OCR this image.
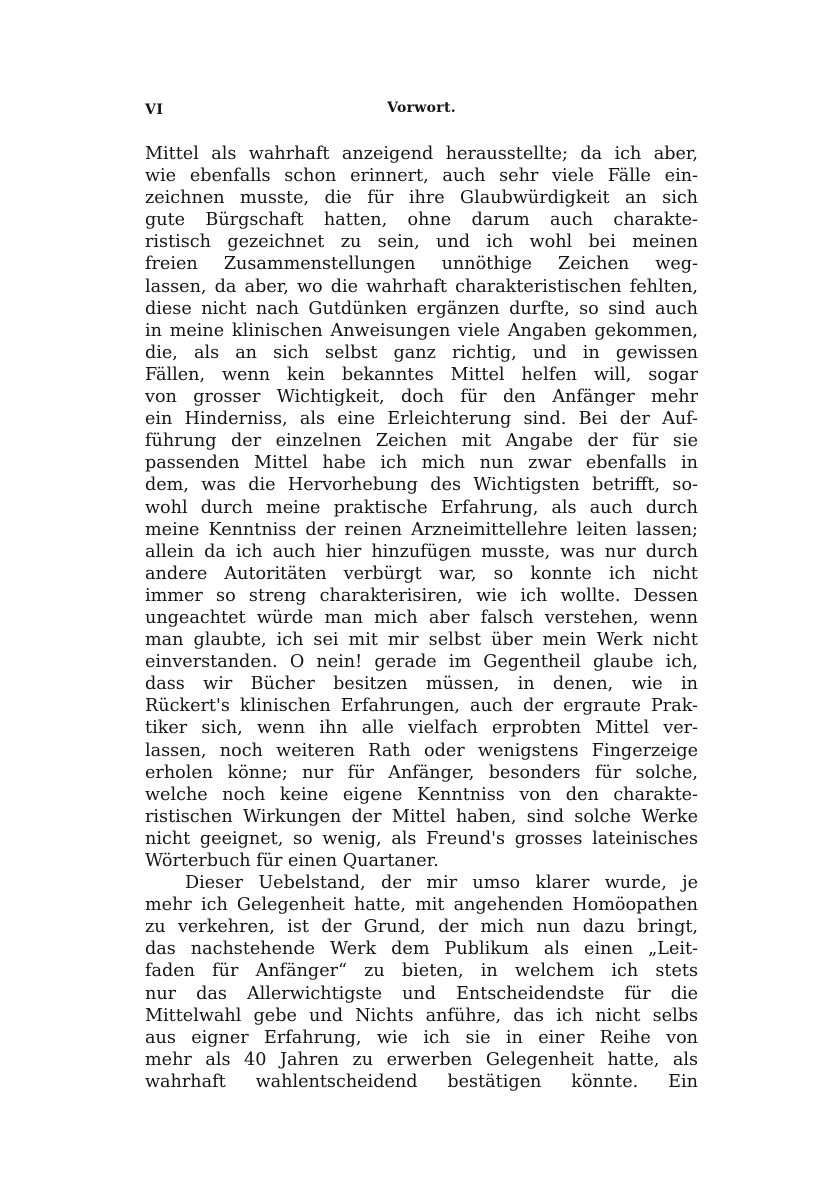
VI	Vorwort.
Mittel als wahrhaft anzeigend herausstellte; da ich aber,
wie ebenfalls schon erinnert, auch sehr viele Fälle ein-
zeichnen musste, die für ihre Glaubwürdigkeit an sich
gute Bürgschaft hatten, ohne darum auch charakte-
ristisch gezeichnet zu sein, und ich wohl bei meinen
freien Zusammenstellungen unnöthige Zeichen weg-
lassen, da aber, wo die wahrhaft charakteristischen fehlten,
diese nicht nach Gutdünken ergänzen durfte, so sind auch
in meine klinischen Anweisungen viele Angaben gekommen,
die, als an sich selbst ganz richtig, und in gewissen
Fällen, wenn kein bekanntes Mittel helfen will, sogar
von grosser Wichtigkeit, doch für den Anfänger mehr
ein Hinderniss, als eine Erleichterung sind. Bei der Auf-
führung der einzelnen Zeichen mit Angabe der für sie
passenden Mittel habe ich mich nun zwar ebenfalls in
dem, was die Hervorhebung des Wichtigsten betrifft, so-
wohl durch meine praktische Erfahrung, als auch durch
meine Kenntniss der reinen Arzneimittellehre leiten lassen;
allein da ich auch hier hinzufügen musste, was nur durch
andere Autoritäten verbürgt war, so konnte ich nicht
immer so streng charakterisiren, wie ich wollte. Dessen
ungeachtet würde man mich aber falsch verstehen, wenn
man glaubte, ich sei mit mir selbst über mein Werk nicht
einverstanden. O nein! gerade im Gegentheil glaube ich,
dass wir Bücher besitzen müssen, in denen, wie in
Rückert's klinischen Erfahrungen, auch der ergraute Prak-
tiker sich, wenn ihn alle vielfach erprobten Mittel ver-
lassen, noch weiteren Rath oder wenigstens Fingerzeige
erholen könne; nur für Anfänger, besonders für solche,
welche noch keine eigene Kenntniss von den charakte-
ristischen Wirkungen der Mittel haben, sind solche Werke
nicht geeignet, so wenig, als Freund's grosses lateinisches
Wörterbuch für einen Quartaner.
Dieser Uebelstand, der mir umso klarer wurde, je
mehr ich Gelegenheit hatte, mit angehenden Homöopathen
zu verkehren, ist der Grund, der mich nun dazu bringt,
das nachstehende Werk dem Publikum als einen „Leit-
faden für Anfänger“ zu bieten, in welchem ich stets
nur das Allerwichtigste und Entscheidendste für die
Mittelwahl gebe und Nichts anführe, das ich nicht selbs
aus eigner Erfahrung, wie ich sie in einer Reihe von
mehr als 40 Jahren zu erwerben Gelegenheit hatte, als
wahrhaft wahlentscheidend bestätigen könnte. Ein
